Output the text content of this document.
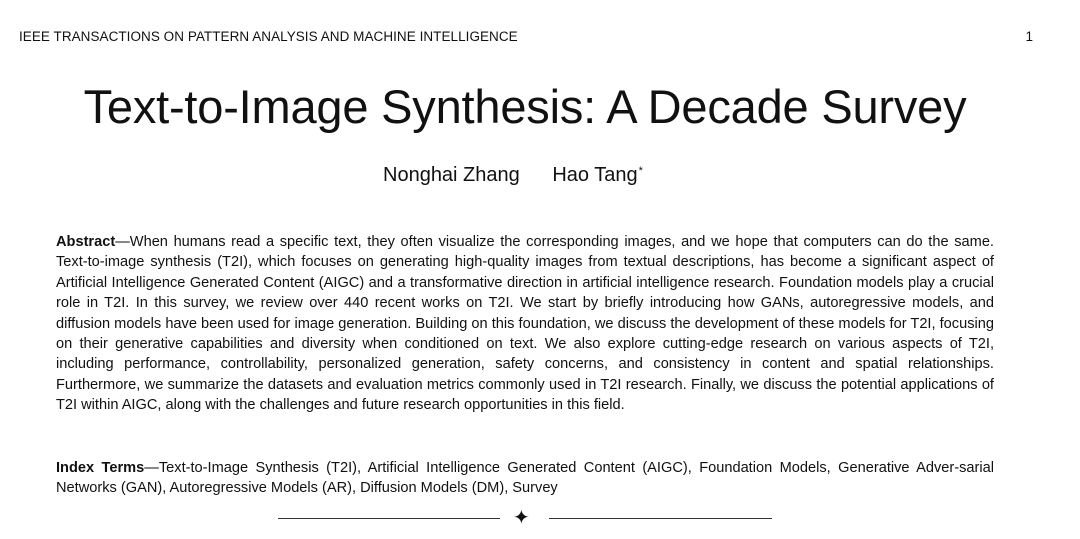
IEEE TRANSACTIONS ON PATTERN ANALYSIS AND MACHINE INTELLIGENCE	1
Text-to-Image Synthesis: A Decade Survey
Nonghai Zhang Hao Tang*

Abstract—When humans read a specific text, they often visualize the corresponding images, and we hope that computers can do the same. Text-to-image synthesis (T2I), which focuses on generating high-quality images from textual descriptions, has become a significant aspect of Artificial Intelligence Generated Content (AIGC) and a transformative direction in artificial intelligence research. Foundation models play a crucial role in T2I. In this survey, we review over 440 recent works on T2I. We start by briefly introducing how GANs, autoregressive models, and diffusion models have been used for image generation. Building on this foundation, we discuss the development of these models for T2I, focusing on their generative capabilities and diversity when conditioned on text. We also explore cutting-edge research on various aspects of T2I, including performance, controllability, personalized generation, safety concerns, and consistency in content and spatial relationships. Furthermore, we summarize the datasets and evaluation metrics commonly used in T2I research. Finally, we discuss the potential applications of T2I within AIGC, along with the challenges and future research opportunities in this field.

Index Terms—Text-to-Image Synthesis (T2I), Artificial Intelligence Generated Content (AIGC), Foundation Models, Generative Adver-sarial Networks (GAN), Autoregressive Models (AR), Diffusion Models (DM), Survey

✦
